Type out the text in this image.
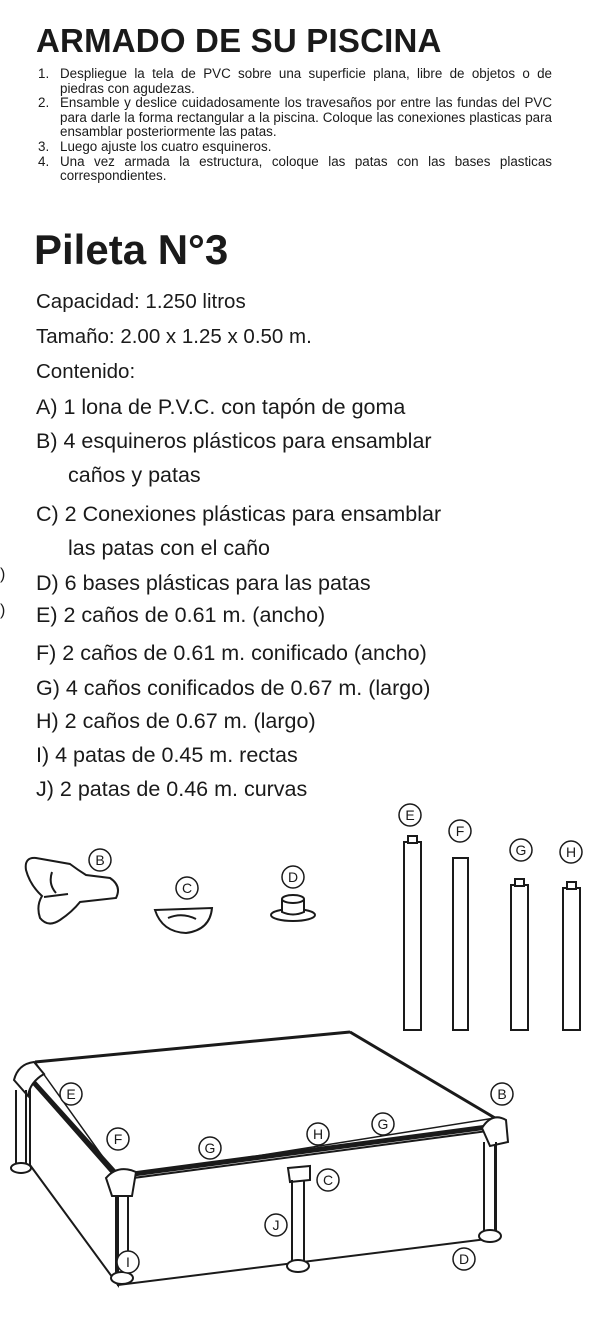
ARMADO DE SU PISCINA
1. Despliegue la tela de PVC sobre una superficie plana, libre de objetos o de piedras con agudezas.
2. Ensamble y deslice cuidadosamente los travesaños por entre las fundas del PVC para darle la forma rectangular a la piscina. Coloque las conexiones plasticas para ensamblar posteriormente las patas.
3. Luego ajuste los cuatro esquineros.
4. Una vez armada la estructura, coloque las patas con las bases plasticas correspondientes.
Pileta N°3
Capacidad: 1.250 litros
Tamaño: 2.00 x 1.25 x 0.50 m.
Contenido:
A) 1 lona de P.V.C. con tapón de goma
B) 4 esquineros plásticos para ensamblar
caños y patas
C) 2 Conexiones plásticas para ensamblar
las patas con el caño
D) 6 bases plásticas para las patas
E) 2 caños de 0.61 m. (ancho)
F) 2 caños de 0.61 m. conificado (ancho)
G) 4 caños conificados de 0.67 m. (largo)
H) 2 caños de 0.67 m. (largo)
I) 4 patas de 0.45 m. rectas
J) 2 patas de 0.46 m. curvas
)
)
B
C
D
E
F
G	H
E
F
G
H
G
B
C
J
I	D
